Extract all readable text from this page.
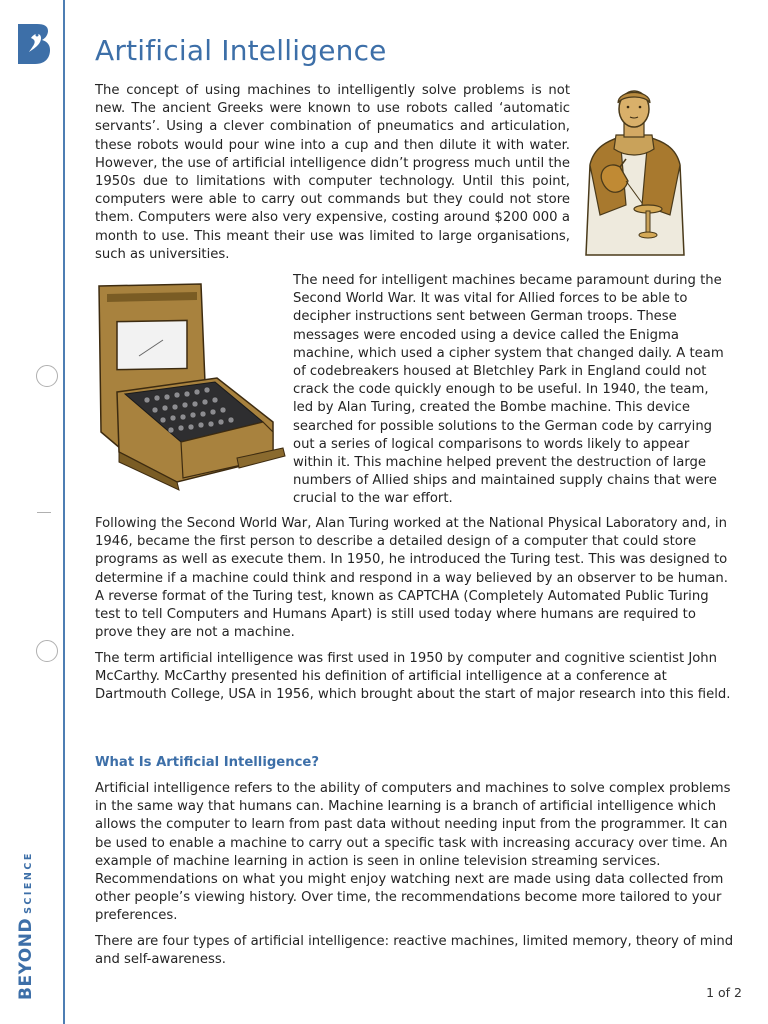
BEYONDSCIENCE
Artificial Intelligence

The concept of using machines to intelligently solve problems is not new. The ancient Greeks were known to use robots called ‘automatic servants’. Using a clever combination of pneumatics and articulation, these robots would pour wine into a cup and then dilute it with water. However, the use of artificial intelligence didn’t progress much until the 1950s due to limitations with computer technology. Until this point, computers were able to carry out commands but they could not store them. Computers were also very expensive, costing around $200 000 a month to use. This meant their use was limited to large organisations, such as universities.

The need for intelligent machines became paramount during the Second World War. It was vital for Allied forces to be able to decipher instructions sent between German troops. These messages were encoded using a device called the Enigma machine, which used a cipher system that changed daily. A team of codebreakers housed at Bletchley Park in England could not crack the code quickly enough to be useful. In 1940, the team, led by Alan Turing, created the Bombe machine. This device searched for possible solutions to the German code by carrying out a series of logical comparisons to words likely to appear within it. This machine helped prevent the destruction of large numbers of Allied ships and maintained supply chains that were crucial to the war effort.

Following the Second World War, Alan Turing worked at the National Physical Laboratory and, in 1946, became the first person to describe a detailed design of a computer that could store programs as well as execute them. In 1950, he introduced the Turing test. This was designed to determine if a machine could think and respond in a way believed by an observer to be human. A reverse format of the Turing test, known as CAPTCHA (Completely Automated Public Turing test to tell Computers and Humans Apart) is still used today where humans are required to prove they are not a machine.

The term artificial intelligence was first used in 1950 by computer and cognitive scientist John McCarthy. McCarthy presented his definition of artificial intelligence at a conference at Dartmouth College, USA in 1956, which brought about the start of major research into this field.

What Is Artificial Intelligence?

Artificial intelligence refers to the ability of computers and machines to solve complex problems in the same way that humans can. Machine learning is a branch of artificial intelligence which allows the computer to learn from past data without needing input from the programmer. It can be used to enable a machine to carry out a specific task with increasing accuracy over time. An example of machine learning in action is seen in online television streaming services. Recommendations on what you might enjoy watching next are made using data collected from other people’s viewing history. Over time, the recommendations become more tailored to your preferences.

There are four types of artificial intelligence: reactive machines, limited memory, theory of mind and self-awareness.

1 of 2
